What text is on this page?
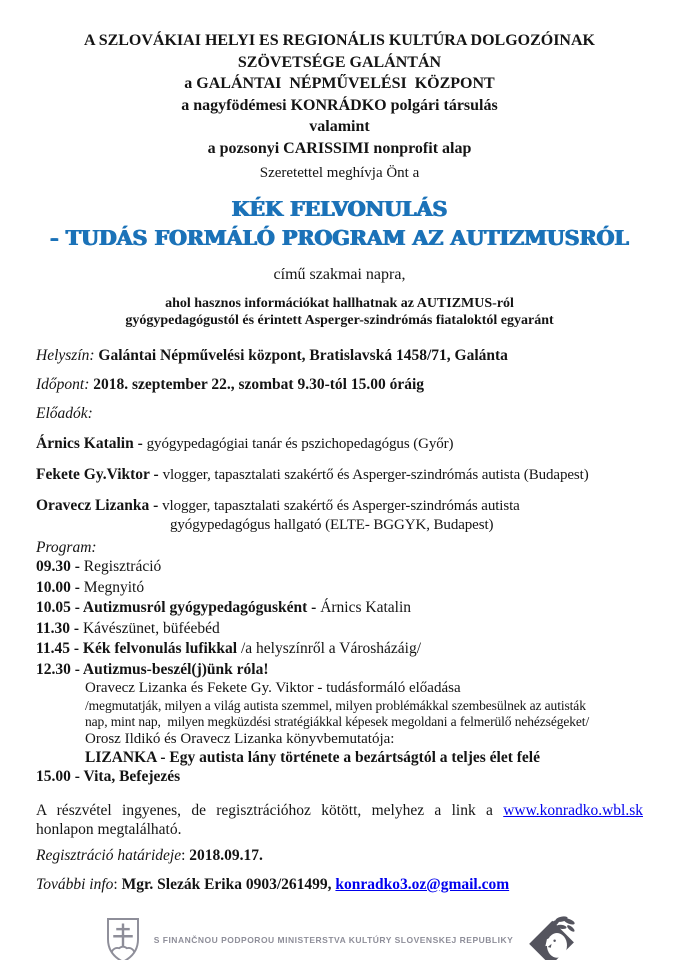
A SZLOVÁKIAI HELYI ES REGIONÁLIS KULTÚRA DOLGOZÓINAK
SZÖVETSÉGE GALÁNTÁN
a GALÁNTAI  NÉPMŰVELÉSI  KÖZPONT
a nagyfödémesi KONRÁDKO polgári társulás
valamint
a pozsonyi CARISSIMI nonprofit alap
Szeretettel meghívja Önt a
KÉK FELVONULÁS
- TUDÁS FORMÁLÓ PROGRAM AZ AUTIZMUSRÓL
című szakmai napra,
ahol hasznos információkat hallhatnak az AUTIZMUS-ról
gyógypedagógustól és érintett Asperger-szindrómás fiataloktól egyaránt
Helyszín: Galántai Népművelési központ, Bratislavská 1458/71, Galánta
Időpont: 2018. szeptember 22., szombat 9.30-tól 15.00 óráig
Előadók:
Árnics Katalin - gyógypedagógiai tanár és pszichopedagógus (Győr)
Fekete Gy.Viktor - vlogger, tapasztalati szakértő és Asperger-szindrómás autista (Budapest)
Oravecz Lizanka - vlogger, tapasztalati szakértő és Asperger-szindrómás autista
gyógypedagógus hallgató (ELTE- BGGYK, Budapest)
Program:
09.30 - Regisztráció
10.00 - Megnyitó
10.05 - Autizmusról gyógypedagógusként - Árnics Katalin
11.30 - Kávészünet, büféebéd
11.45 - Kék felvonulás lufikkal /a helyszínről a Városházáig/
12.30 - Autizmus-beszél(j)ünk róla!
Oravecz Lizanka és Fekete Gy. Viktor - tudásformáló előadása
/megmutatják, milyen a világ autista szemmel, milyen problémákkal szembesülnek az autisták
nap, mint nap,  milyen megküzdési stratégiákkal képesek megoldani a felmerülő nehézségeket/
Orosz Ildikó és Oravecz Lizanka könyvbemutatója:
LIZANKA - Egy autista lány története a bezártságtól a teljes élet felé
15.00 - Vita, Befejezés
A részvétel ingyenes, de regisztrációhoz kötött, melyhez a link a www.konradko.wbl.sk
honlapon megtalálható.
Regisztráció határideje: 2018.09.17.
További info: Mgr. Slezák Erika 0903/261499, konradko3.oz@gmail.com
S FINANČNOU PODPOROU MINISTERSTVA KULTÚRY SLOVENSKEJ REPUBLIKY
